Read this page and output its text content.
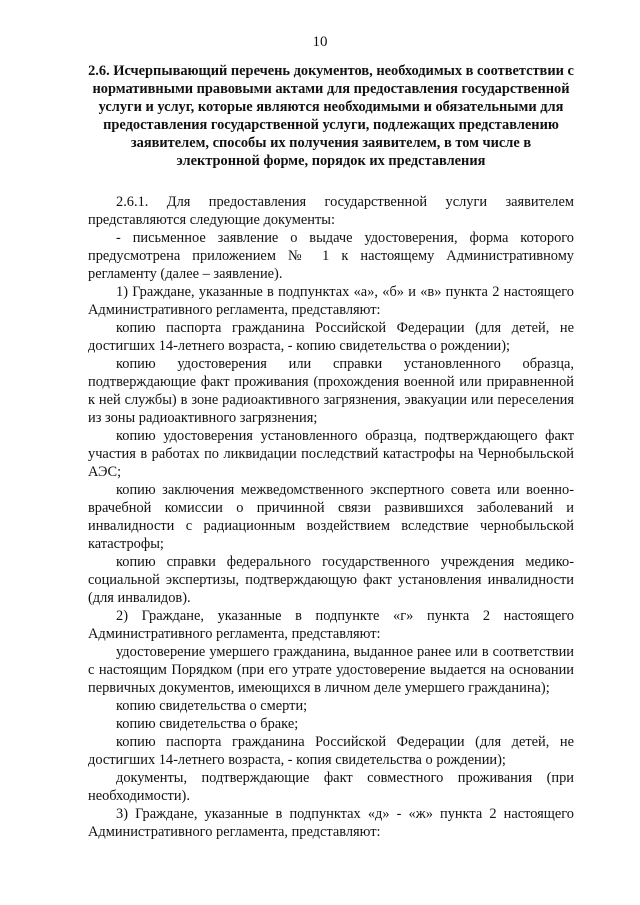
10
2.6. Исчерпывающий перечень документов, необходимых в соответствии с нормативными правовыми актами для предоставления государственной услуги и услуг, которые являются необходимыми и обязательными для предоставления государственной услуги, подлежащих представлению заявителем, способы их получения заявителем, в том числе в электронной форме, порядок их представления

2.6.1. Для предоставления государственной услуги заявителем представляются следующие документы:

- письменное заявление о выдаче удостоверения, форма которого предусмотрена приложением № 1 к настоящему Административному регламенту (далее – заявление).

1) Граждане, указанные в подпунктах «а», «б» и «в» пункта 2 настоящего Административного регламента, представляют:

копию паспорта гражданина Российской Федерации (для детей, не достигших 14-летнего возраста, - копию свидетельства о рождении);

копию удостоверения или справки установленного образца, подтверждающие факт проживания (прохождения военной или приравненной к ней службы) в зоне радиоактивного загрязнения, эвакуации или переселения из зоны радиоактивного загрязнения;

копию удостоверения установленного образца, подтверждающего факт участия в работах по ликвидации последствий катастрофы на Чернобыльской АЭС;

копию заключения межведомственного экспертного совета или военно-врачебной комиссии о причинной связи развившихся заболеваний и инвалидности с радиационным воздействием вследствие чернобыльской катастрофы;

копию справки федерального государственного учреждения медико-социальной экспертизы, подтверждающую факт установления инвалидности (для инвалидов).

2) Граждане, указанные в подпункте «г» пункта 2 настоящего Административного регламента, представляют:

удостоверение умершего гражданина, выданное ранее или в соответствии с настоящим Порядком (при его утрате удостоверение выдается на основании первичных документов, имеющихся в личном деле умершего гражданина);

копию свидетельства о смерти;

копию свидетельства о браке;

копию паспорта гражданина Российской Федерации (для детей, не достигших 14-летнего возраста, - копия свидетельства о рождении);

документы, подтверждающие факт совместного проживания (при необходимости).

3) Граждане, указанные в подпунктах «д» - «ж» пункта 2 настоящего Административного регламента, представляют:
